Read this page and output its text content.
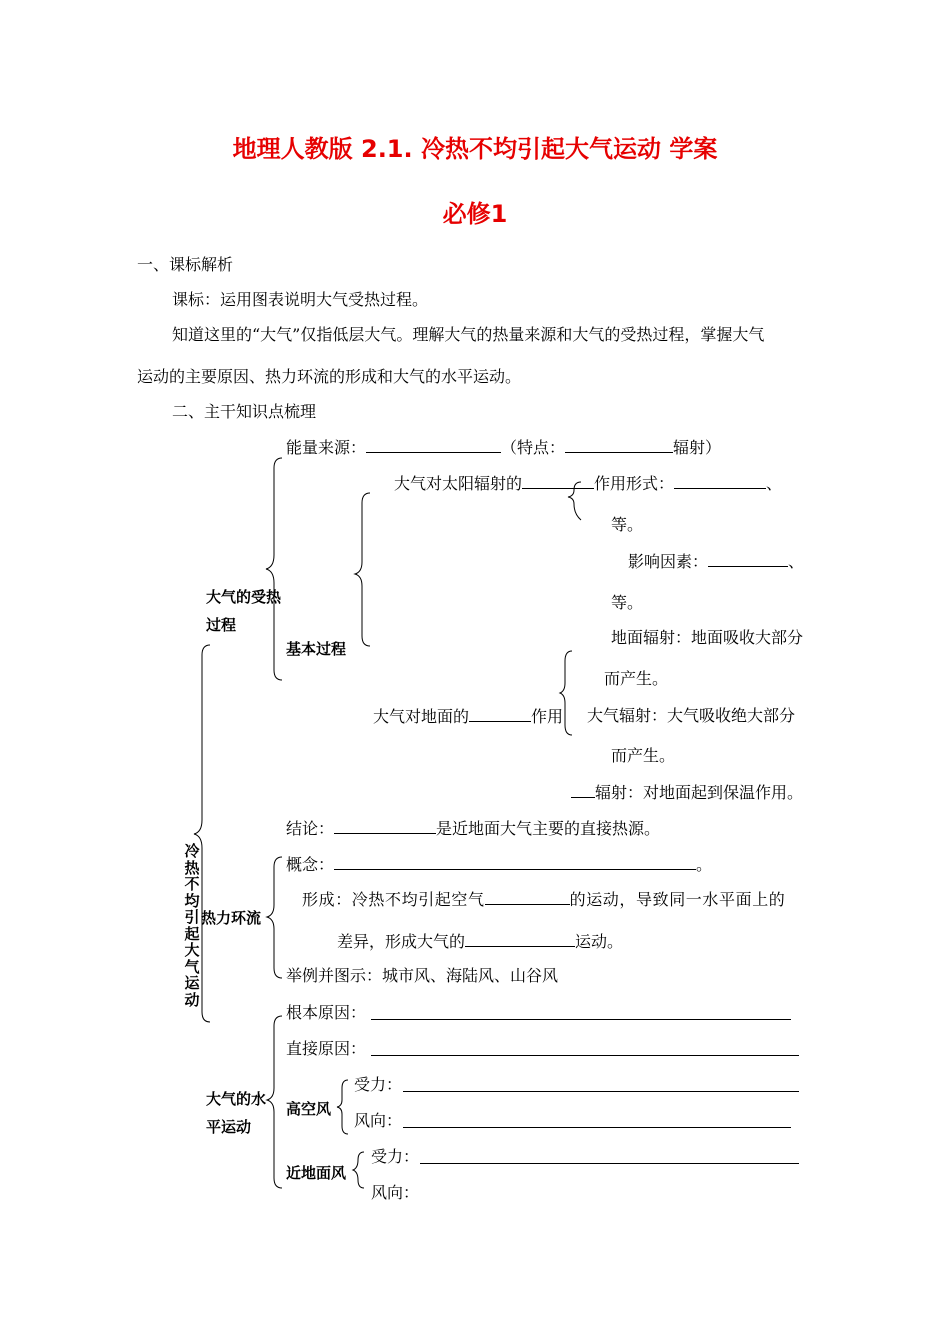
地理人教版 2.1. 冷热不均引起大气运动 学案
必修1
一、课标解析
课标：运用图表说明大气受热过程。
知道这里的“大气”仅指低层大气。理解大气的热量来源和大气的受热过程，掌握大气
运动的主要原因、热力环流的形成和大气的水平运动。
二、主干知识点梳理
冷热不均引起大气运动
大气的受热过程
能量来源：	（特点：	辐射）
大气对太阳辐射的	作用形式：	、
等。
影响因素：	、
等。
基本过程
地面辐射：地面吸收大部分
而产生。
大气对地面的	作用 大气辐射：大气吸收绝大部分
而产生。
辐射：对地面起到保温作用。
结论：	是近地面大气主要的直接热源。
热力环流
概念：	。
形成：冷热不均引起空气	的运动，导致同一水平面上的
差异，形成大气的	运动。
举例并图示：城市风、海陆风、山谷风
大气的水平运动
根本原因：
直接原因：
高空风
受力：
风向：
近地面风
受力：
风向：
